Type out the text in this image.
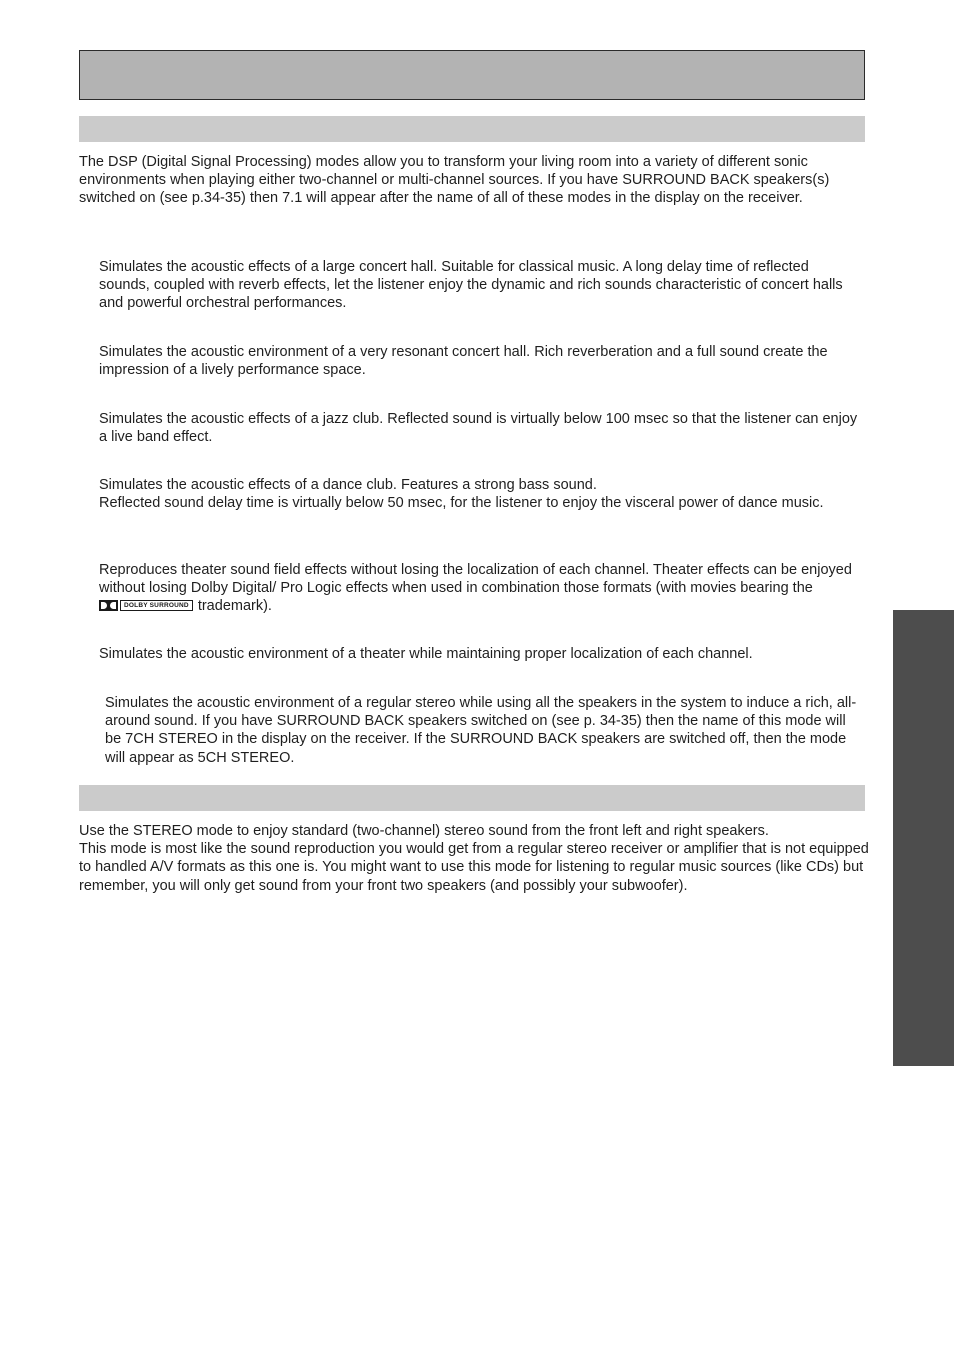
The DSP (Digital Signal Processing) modes allow you to transform your living room into a variety of different sonic environments when playing either two-channel or multi-channel sources. If you have SURROUND BACK speakers(s) switched on (see p.34-35) then 7.1 will appear after the name of all of these modes in the display on the receiver.

Simulates the acoustic effects of a large concert hall. Suitable for classical music. A long delay time of reflected sounds, coupled with reverb effects, let the listener enjoy the dynamic and rich sounds characteristic of concert halls and powerful orchestral performances.

Simulates the acoustic environment of a very resonant concert hall. Rich reverberation and a full sound create the impression of a lively performance space.

Simulates the acoustic effects of a jazz club. Reflected sound is virtually below 100 msec so that the listener can enjoy a live band effect.

Simulates the acoustic effects of a dance club. Features a strong bass sound.
Reflected sound delay time is virtually below 50 msec, for the listener to enjoy the visceral power of dance music.
Reproduces theater sound field effects without losing the localization of each channel. Theater effects can be enjoyed without losing Dolby Digital/ Pro Logic effects when used in combination those formats (with movies bearing the
DOLBY SURROUND trademark).

Simulates the acoustic environment of a theater while maintaining proper localization of each channel.

Simulates the acoustic environment of a regular stereo while using all the speakers in the system to induce a rich, all-around sound. If you have SURROUND BACK speakers switched on (see p. 34-35) then the name of this mode will be 7CH STEREO in the display on the receiver. If the SURROUND BACK speakers are switched off, then the mode will appear as 5CH STEREO.

Use the STEREO mode to enjoy standard (two-channel) stereo sound from the front left and right speakers.
This mode is most like the sound reproduction you would get from a regular stereo receiver or amplifier that is not equipped to handled A/V formats as this one is. You might want to use this mode for listening to regular music sources (like CDs) but remember, you will only get sound from your front two speakers (and possibly your subwoofer).
